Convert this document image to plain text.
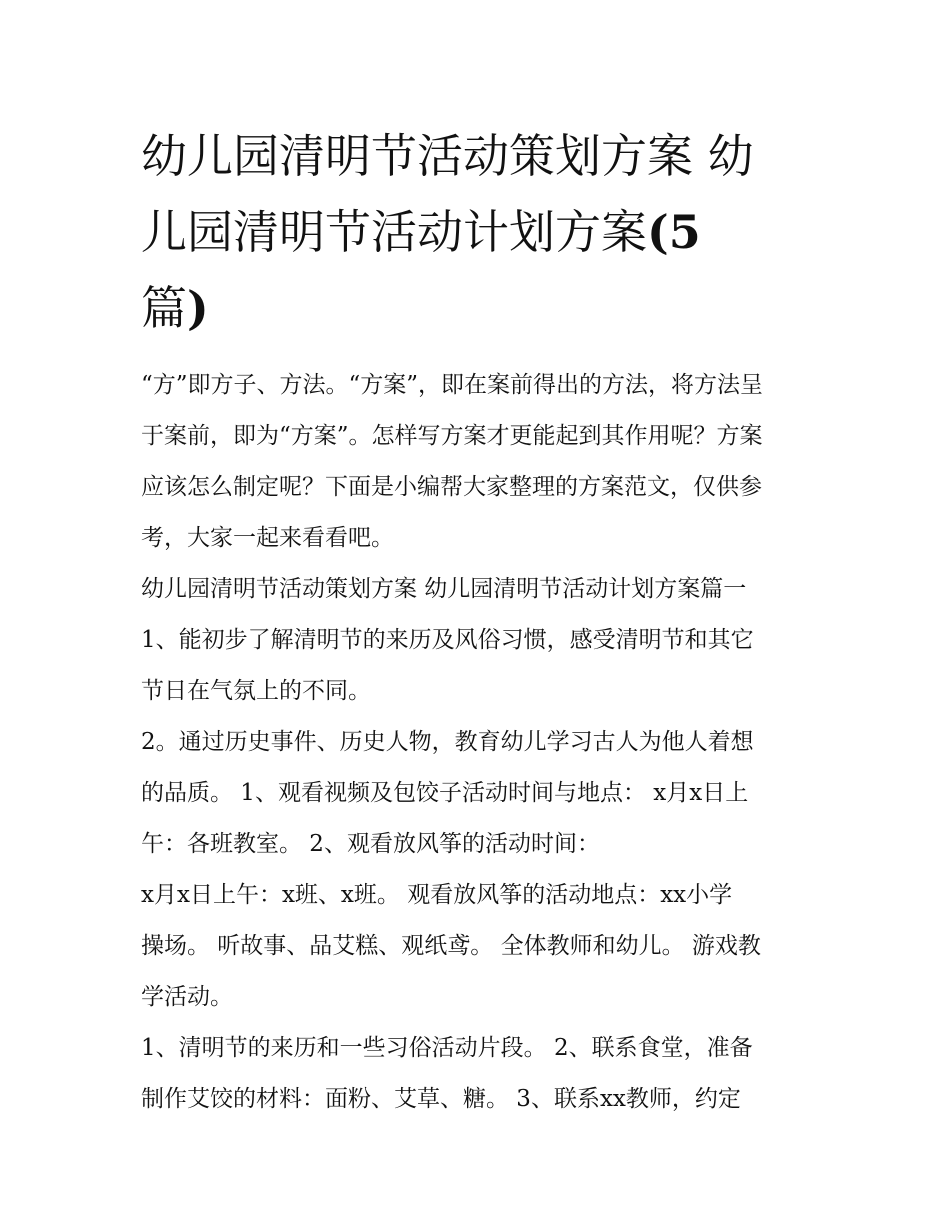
幼儿园清明节活动策划方案 幼
儿园清明节活动计划方案(5
篇)

“方”即方子、方法。“方案”，即在案前得出的方法，将方法呈
于案前，即为“方案”。怎样写方案才更能起到其作用呢？方案
应该怎么制定呢？下面是小编帮大家整理的方案范文，仅供参
考，大家一起来看看吧。

幼儿园清明节活动策划方案 幼儿园清明节活动计划方案篇一

1、能初步了解清明节的来历及风俗习惯，感受清明节和其它
节日在气氛上的不同。

2。通过历史事件、历史人物，教育幼儿学习古人为他人着想
的品质。 1、观看视频及包饺子活动时间与地点： x月x日上
午：各班教室。 2、观看放风筝的活动时间：

x月x日上午：x班、x班。 观看放风筝的活动地点：xx小学
操场。 听故事、品艾糕、观纸鸢。 全体教师和幼儿。 游戏教
学活动。

1、清明节的来历和一些习俗活动片段。 2、联系食堂，准备
制作艾饺的材料：面粉、艾草、糖。 3、联系xx教师，约定
